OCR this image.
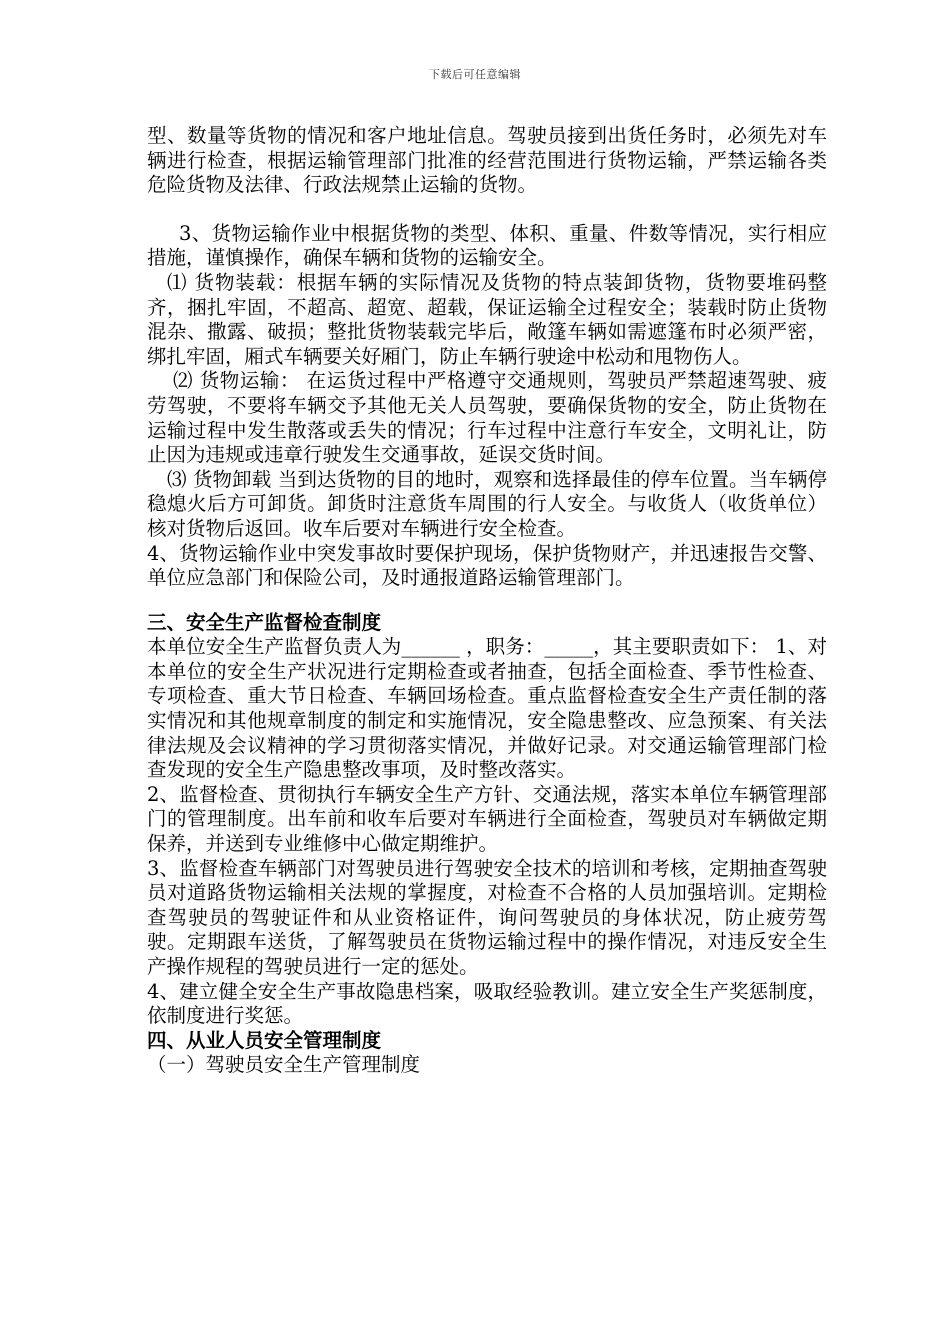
下载后可任意编辑

型、数量等货物的情况和客户地址信息。驾驶员接到出货任务时，必须先对车辆进行检查，根据运输管理部门批准的经营范围进行货物运输，严禁运输各类危险货物及法律、行政法规禁止运输的货物。

3、货物运输作业中根据货物的类型、体积、重量、件数等情况，实行相应措施，谨慎操作，确保车辆和货物的运输安全。

⑴ 货物装载：根据车辆的实际情况及货物的特点装卸货物，货物要堆码整齐，捆扎牢固，不超高、超宽、超载，保证运输全过程安全；装载时防止货物混杂、撒露、破损；整批货物装载完毕后，敞篷车辆如需遮篷布时必须严密，绑扎牢固，厢式车辆要关好厢门，防止车辆行驶途中松动和甩物伤人。

⑵ 货物运输： 在运货过程中严格遵守交通规则，驾驶员严禁超速驾驶、疲劳驾驶，不要将车辆交予其他无关人员驾驶，要确保货物的安全，防止货物在运输过程中发生散落或丢失的情况；行车过程中注意行车安全，文明礼让，防止因为违规或违章行驶发生交通事故，延误交货时间。

⑶ 货物卸载 当到达货物的目的地时，观察和选择最佳的停车位置。当车辆停稳熄火后方可卸货。卸货时注意货车周围的行人安全。与收货人（收货单位）核对货物后返回。收车后要对车辆进行安全检查。

4、货物运输作业中突发事故时要保护现场，保护货物财产，并迅速报告交警、单位应急部门和保险公司，及时通报道路运输管理部门。

三、安全生产监督检查制度

本单位安全生产监督负责人为______ ，职务：_____，其主要职责如下： 1、对本单位的安全生产状况进行定期检查或者抽查，包括全面检查、季节性检查、专项检查、重大节日检查、车辆回场检查。重点监督检查安全生产责任制的落实情况和其他规章制度的制定和实施情况，安全隐患整改、应急预案、有关法律法规及会议精神的学习贯彻落实情况，并做好记录。对交通运输管理部门检查发现的安全生产隐患整改事项，及时整改落实。

2、监督检查、贯彻执行车辆安全生产方针、交通法规，落实本单位车辆管理部门的管理制度。出车前和收车后要对车辆进行全面检查，驾驶员对车辆做定期保养，并送到专业维修中心做定期维护。

3、监督检查车辆部门对驾驶员进行驾驶安全技术的培训和考核，定期抽查驾驶员对道路货物运输相关法规的掌握度，对检查不合格的人员加强培训。定期检查驾驶员的驾驶证件和从业资格证件，询问驾驶员的身体状况，防止疲劳驾驶。定期跟车送货，了解驾驶员在货物运输过程中的操作情况，对违反安全生产操作规程的驾驶员进行一定的惩处。

4、建立健全安全生产事故隐患档案，吸取经验教训。建立安全生产奖惩制度，依制度进行奖惩。

四、从业人员安全管理制度

（一）驾驶员安全生产管理制度
